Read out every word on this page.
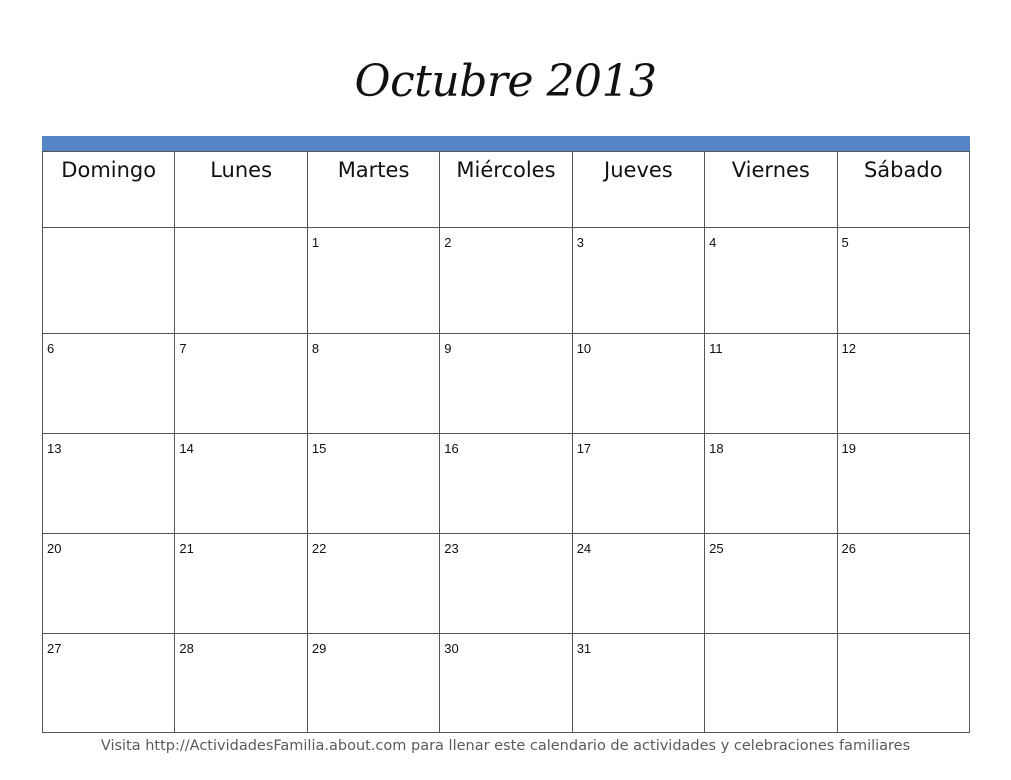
Octubre 2013
Domingo	Lunes	Martes	Miércoles	Jueves	Viernes	Sábado

		1	2	3	4	5

6	7	8	9	10	11	12

13	14	15	16	17	18	19

20	21	22	23	24	25	26

27	28	29	30	31		

Visita http://ActividadesFamilia.about.com para llenar este calendario de actividades y celebraciones familiares
